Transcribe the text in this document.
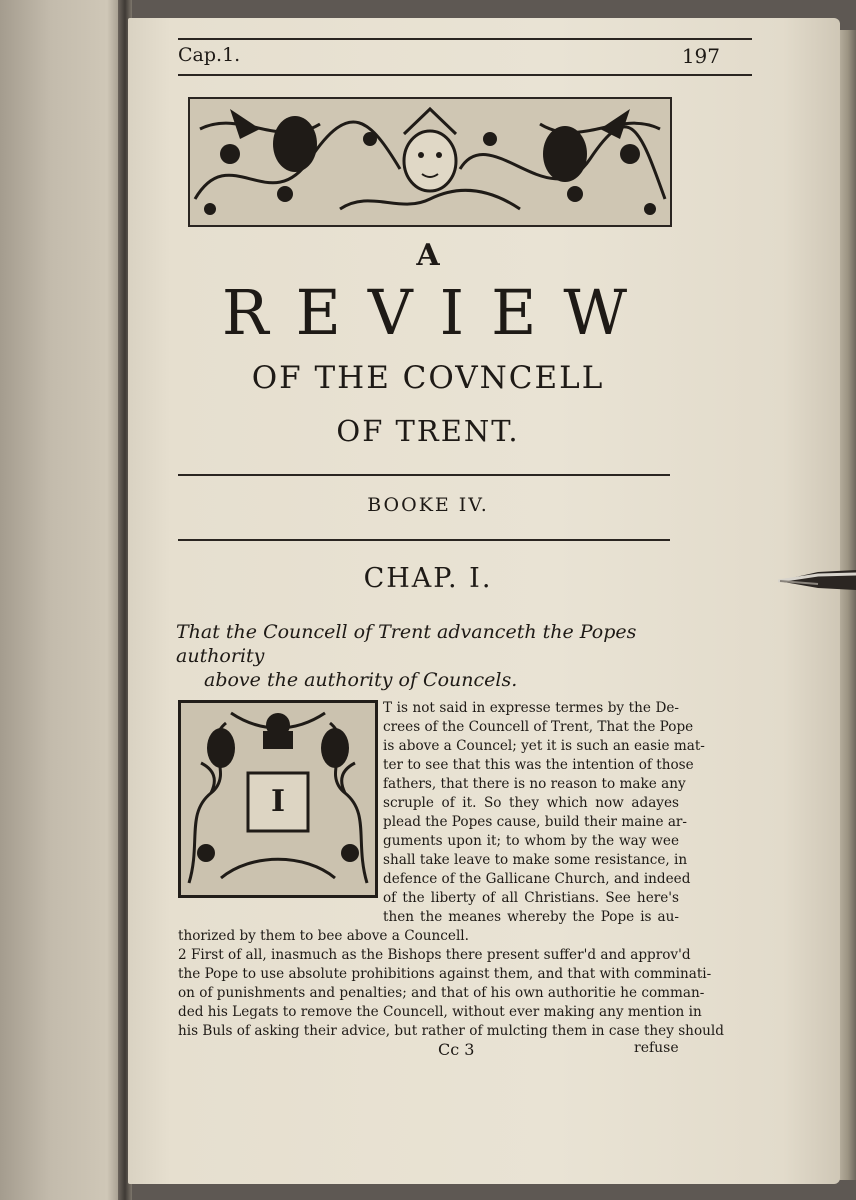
Cap.1.	197
A
REVIEW
OF THE COVNCELL
OF TRENT.
BOOKE IV.
CHAP. I.
That the Councell of Trent advanceth the Popes authority
above the authority of Councels.
I
T is not said in expresse termes by the De-
crees of the Councell of Trent, That the Pope
is above a Councel; yet it is such an easie mat-
ter to see that this was the intention of those
fathers, that there is no reason to make any
scruple of it. So they which now adayes
plead the Popes cause, build their maine ar-
guments upon it; to whom by the way wee
shall take leave to make some resistance, in
defence of the Gallicane Church, and indeed
of the liberty of all Christians. See here's
then the meanes whereby the Pope is au-
thorized by them to bee above a Councell.
2 First of all, inasmuch as the Bishops there present suffer'd and approv'd
the Pope to use absolute prohibitions against them, and that with comminati-
on of punishments and penalties; and that of his own authoritie he comman-
ded his Legats to remove the Councell, without ever making any mention in
his Buls of asking their advice, but rather of mulcting them in case they should
Cc 3	refuse
